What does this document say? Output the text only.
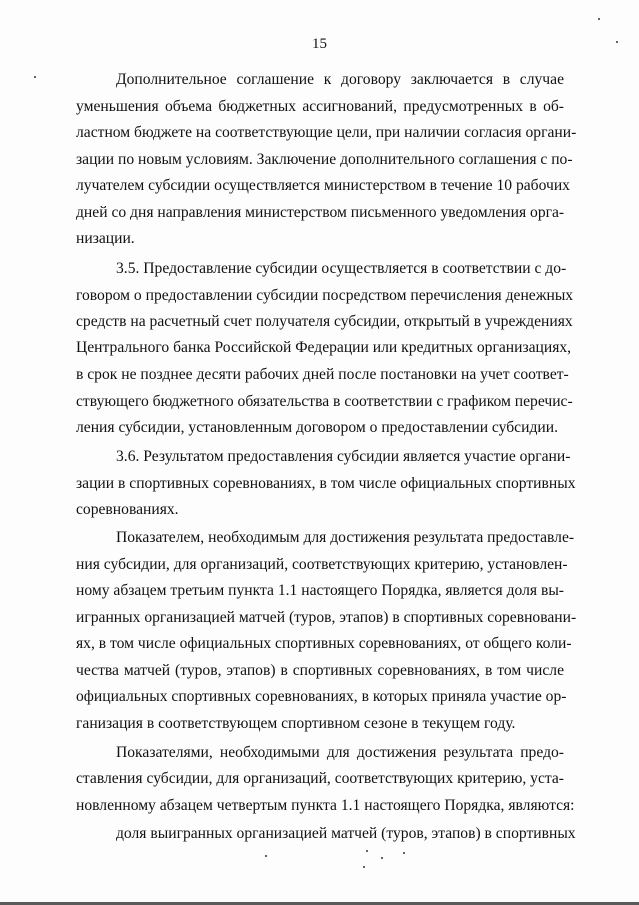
15
Дополнительное соглашение к договору заключается в случае
уменьшения объема бюджетных ассигнований, предусмотренных в об-
ластном бюджете на соответствующие цели, при наличии согласия органи-
зации по новым условиям. Заключение дополнительного соглашения с по-
лучателем субсидии осуществляется министерством в течение 10 рабочих
дней со дня направления министерством письменного уведомления орга-
низации.
3.5. Предоставление субсидии осуществляется в соответствии с до-
говором о предоставлении субсидии посредством перечисления денежных
средств на расчетный счет получателя субсидии, открытый в учреждениях
Центрального банка Российской Федерации или кредитных организациях,
в срок не позднее десяти рабочих дней после постановки на учет соответ-
ствующего бюджетного обязательства в соответствии с графиком перечис-
ления субсидии, установленным договором о предоставлении субсидии.
3.6. Результатом предоставления субсидии является участие органи-
зации в спортивных соревнованиях, в том числе официальных спортивных
соревнованиях.
Показателем, необходимым для достижения результата предоставле-
ния субсидии, для организаций, соответствующих критерию, установлен-
ному абзацем третьим пункта 1.1 настоящего Порядка, является доля вы-
игранных организацией матчей (туров, этапов) в спортивных соревновани-
ях, в том числе официальных спортивных соревнованиях, от общего коли-
чества матчей (туров, этапов) в спортивных соревнованиях, в том числе
официальных спортивных соревнованиях, в которых приняла участие ор-
ганизация в соответствующем спортивном сезоне в текущем году.
Показателями, необходимыми для достижения результата предо-
ставления субсидии, для организаций, соответствующих критерию, уста-
новленному абзацем четвертым пункта 1.1 настоящего Порядка, являются:
доля выигранных организацией матчей (туров, этапов) в спортивных
